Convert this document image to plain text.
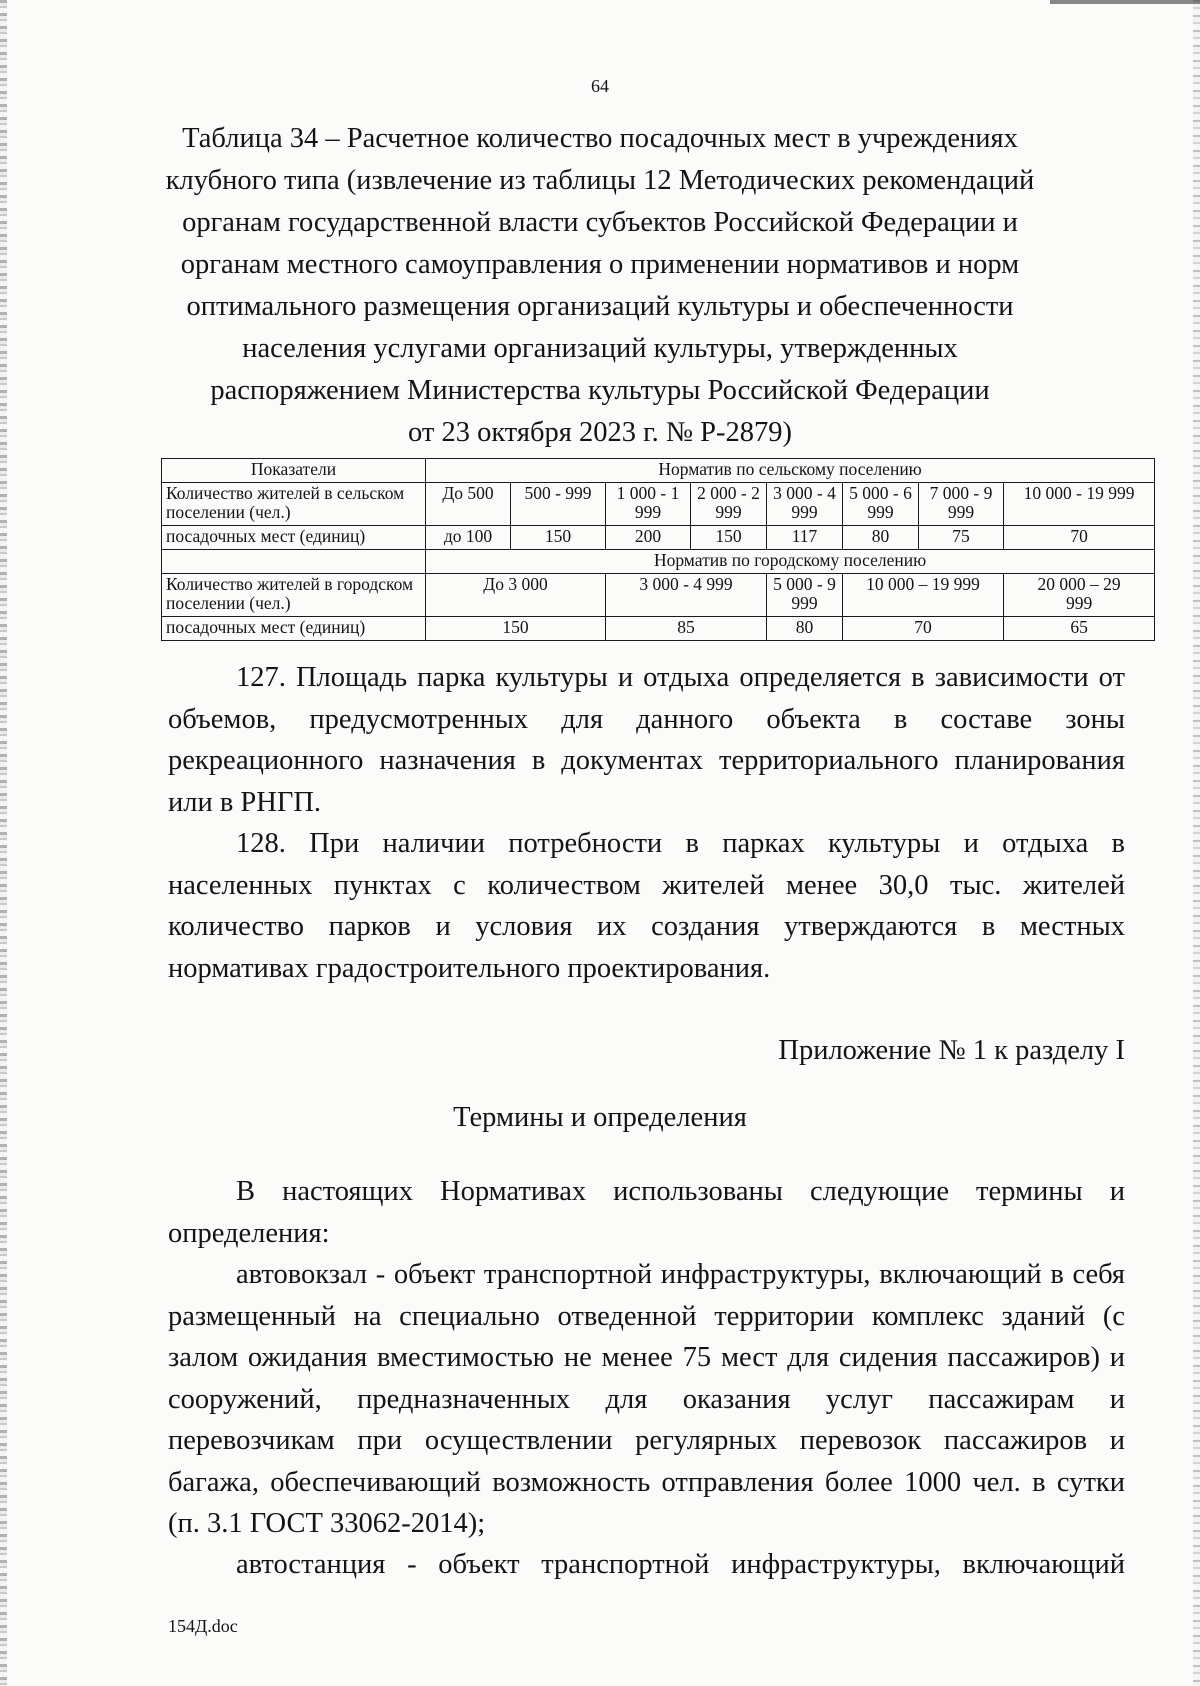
64
Таблица 34 – Расчетное количество посадочных мест в учреждениях
клубного типа (извлечение из таблицы 12 Методических рекомендаций
органам государственной власти субъектов Российской Федерации и
органам местного самоуправления о применении нормативов и норм
оптимального размещения организаций культуры и обеспеченности
населения услугами организаций культуры, утвержденных
распоряжением Министерства культуры Российской Федерации
от 23 октября 2023 г. № Р-2879)
Показатели	Норматив по сельскому поселению							
Количество жителей в сельском поселении (чел.)	До 500	500 - 999	1 000 - 1 999	2 000 - 2 999	3 000 - 4 999	5 000 - 6 999	7 000 - 9 999	10 000 - 19 999
посадочных мест (единиц)	до 100	150	200	150	117	80	75	70
	Норматив по городскому поселению							
Количество жителей в городском поселении (чел.)	До 3 000		3 000 - 4 999		5 000 - 9 999	10 000 – 19 999		20 000 – 29 999
посадочных мест (единиц)	150		85		80	70		65

127. Площадь парка культуры и отдыха определяется в зависимости от объемов, предусмотренных для данного объекта в составе зоны рекреационного назначения в документах территориального планирования или в РНГП.

128. При наличии потребности в парках культуры и отдыха в населенных пунктах с количеством жителей менее 30,0 тыс. жителей количество парков и условия их создания утверждаются в местных нормативах градостроительного проектирования.

Приложение № 1 к разделу I
Термины и определения

В настоящих Нормативах использованы следующие термины и определения:

автовокзал - объект транспортной инфраструктуры, включающий в себя размещенный на специально отведенной территории комплекс зданий (с залом ожидания вместимостью не менее 75 мест для сидения пассажиров) и сооружений, предназначенных для оказания услуг пассажирам и перевозчикам при осуществлении регулярных перевозок пассажиров и багажа, обеспечивающий возможность отправления более 1000 чел. в сутки (п. 3.1 ГОСТ 33062-2014);

автостанция - объект транспортной инфраструктуры, включающий

154Д.doc
